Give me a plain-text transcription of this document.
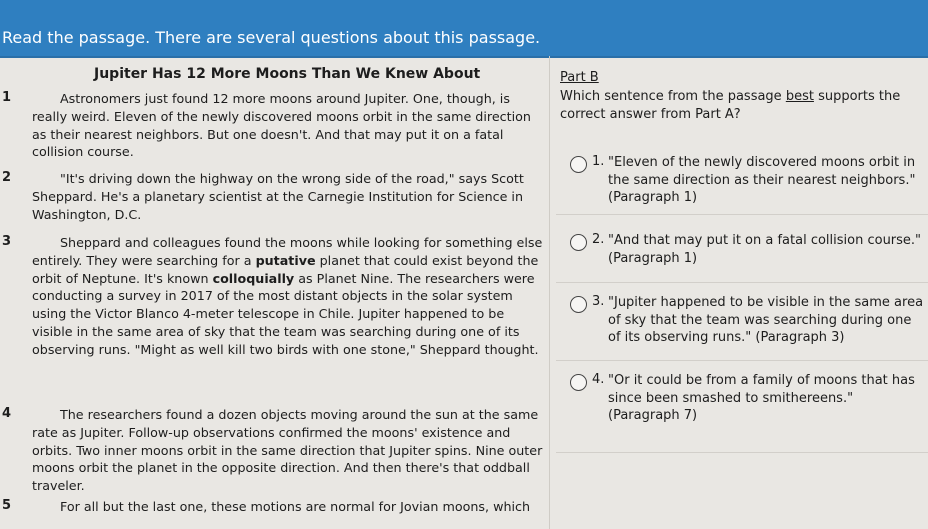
Read the passage. There are several questions about this passage.
Jupiter Has 12 More Moons Than We Knew About
1	Astronomers just found 12 more moons around Jupiter. One, though, is really weird. Eleven of the newly discovered moons orbit in the same direction as their nearest neighbors. But one doesn't. And that may put it on a fatal collision course.

2	"It's driving down the highway on the wrong side of the road," says Scott Sheppard. He's a planetary scientist at the Carnegie Institution for Science in Washington, D.C.

3	Sheppard and colleagues found the moons while looking for something else entirely. They were searching for a putative planet that could exist beyond the orbit of Neptune. It's known colloquially as Planet Nine. The researchers were conducting a survey in 2017 of the most distant objects in the solar system using the Victor Blanco 4-meter telescope in Chile. Jupiter happened to be visible in the same area of sky that the team was searching during one of its observing runs. "Might as well kill two birds with one stone," Sheppard thought.

4	The researchers found a dozen objects moving around the sun at the same rate as Jupiter. Follow-up observations confirmed the moons' existence and orbits. Two inner moons orbit in the same direction that Jupiter spins. Nine outer moons orbit the planet in the opposite direction. And then there's that oddball traveler.

5	For all but the last one, these motions are normal for Jovian moons, which

Part B
Which sentence from the passage best supports the correct answer from Part A?
1. "Eleven of the newly discovered moons orbit in the same direction as their nearest neighbors." (Paragraph 1)
2. "And that may put it on a fatal collision course." (Paragraph 1)
3. "Jupiter happened to be visible in the same area of sky that the team was searching during one of its observing runs." (Paragraph 3)
4. "Or it could be from a family of moons that has since been smashed to smithereens." (Paragraph 7)
